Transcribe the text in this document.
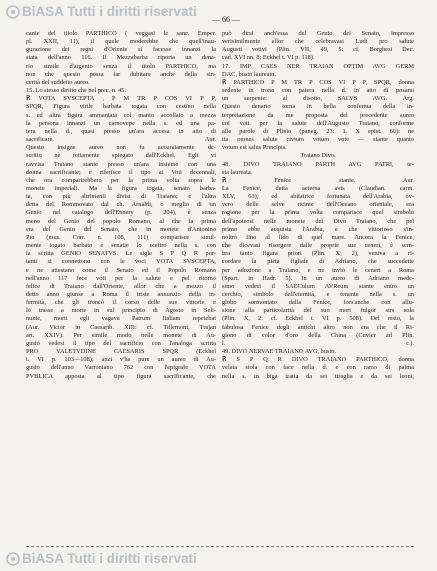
BiASA Tutti i diritti riservati
— 66 —

cante del titolo PARTHICO ( veggasi le sane. Emper.

pl. XXII, 11), il quale moderebbe che quell'inau-

gurazione dei regni d'Oriente si facesse innanzi la

stata dell'anno 116. Il Mezzabarba riporta un dena-

rio simile d'argento senza il titolo PARTHICO, ma

non che questo possa far dubitare anche della sin-

cerità del suddetto aureo.

15. Lo stesso diritto che nel prec. n. 45.

℟ VOTA SVSCEPTA , P M TR P COS VI P P,

SPQR, Figura virile barbata togata con cestino nella

s. ed altra figura ammantata col manto accollato a mezza

la persona innanzi un carnovepe nella s. ed una pa-

tera nella d., quasi presso un'ara accesa in atto di

sacrificare. Aur.

Questo insigne aureo non fu accuratamente de-

scritto nè rettamente spiegato dall'Eckhel. Egli vi

ravvisa Traiano stante presso un'ara insieme con una

donna sacrificante; e riferisce il tipo ai Voti decennali,

che ora comparirebbero per la prima volta sopra le

monete imperiali. Ma la figura togata, senato barba-

ta, con più altrimenti divisi di Traiano; e l'altra

detta del Rommovato dal ch. Arnaldi, o meglio di un

Genio nel catalogo dell'Ennery (p. 204), è senza

meno del Genio del popolo Romano, al che la prima

era del Genio del Senato, che in monete d'Antonino

Pio (mus. Corr. n. 108, 111) comparisce simil-

mente togato barbato e senatie lo scettro nella s. con

la scritta GENIO SENATVS. Le sigle S P Q R por-

tanti si connettono con le voci VOTA SVSCEPTA,

e ne attestano come il Senato ed il Popolo Romano

nell'anno 117 fece voti per la salute e pel ritorno

felice di Traiano dall'Oriente, allor che a mezzo il

detto anno giunse a Roma il triste annunzio della in-

fermità, che gli troncò il corso delle sue vittorie e

lo trasse a morte in sul principio di Agosto in Seli-

nunte, morti egli vagava Patrum Italiam repetebat

(Aur. Victor in Caesarib. XIII: cf. Tillemont, Trajan

art. XXIV). Per simile modo nelle monete di Au-

gusto vedesi il tipo del sacrificio con l'analoga scritta

PRO VALETVDINE CAESARIS SPQR (Eckhel

t. VI p. 103—108); anzi v'ha pure un aureo di Au-

gusto dell'anno Varroniano 762 con l'epigrafe VOTA

PVBLICA apposta al tipo figura sacrificante, che

può dirsi anch'essa del Genio del Senato, impresso

verisimilmente allor che celebravasi Ludi pro salute

Augusti votivi (Plin. VII, 49, 5: cf. Borghesi Dec.

cad. XVI nn. 8; Eckhel t. VI p. 118).

17. IMP CAES NER TRAIAN OPTIM AVG GERM

DAC, busto laureato.

℟ PARTHICO P M TR P COS VI P P, SPQR, donna

sedente in trono con patera nella d. in atto di posarsi

un serpente: al disotto, SALVS AVG. Arg.

Questo denario torna in bella conferma della in-

terpretazione da me proposta del precedente aureo

coi voti per la salute dell'Augusto Traiano, conforme

alle parole di Plinio (paneg. 23: 1. X epist. 60): ne

ita omnes salute civium votum vote — stante quanto

votum est salus Principis.

Traiano Divo.

48. DIVO TRAIANO PARTH AVG PATRI, te-

sta laureata.

℟ Fenice stante. Aur.

La Fenice, detta aeterna avis (Claudian. carm.

XLV, 63), ed abitatrice fortunata dell'Arabia, ov-

vero delle selve ricinte dell'Oceano orientale, era

ragione per la prima volta comparisce quel simbolo

dell'apoteosi nelle monete del Divo Traiano, che pel

primo ebbe acquista l'Arabia, e che vittorioso s'in-

noltrò fino al lido di quel mare. Ancora la Fenice,

che dicevasi risorgere dalle proprie sue ceneri, è sem-

bra tanto figura priori (Plin. X, 2), veniva a ri-

cordare la pietà figliale di Adriano, che succedette

per adozione a Traiano, e ne inviò le ceneri a Roma

(Spart. in Hadr. 5). In un aureo di Adriano mede-

simo vedesi il SAECulum AVReum stante entro un

cerchio, simbolo dell'eternità, e tenente nella s. un

globo sormontato dalla Fenice, fors'anche con allu-

sione alla particolarità del suo mori fulgor sirs sola

(Plin. X, 2: cf. Eckhel t. VI p. 508). Del resto, la

fabulosa Fenice degli antichi altro non era che il Ri-

giono di color d'oro della China (Cuvier ad Plin.

l. c.).

49. DIVO NERVAE TRAIANO AVG, busto.

℟ S P Q R DIVO TRAIANO PARTHICO, donna

velata stola con face nella d. e con ramo di palma

nella s. in biga tratta da sei tiraglia e da sei leoni,

BiASA Tutti i diritti riservati
